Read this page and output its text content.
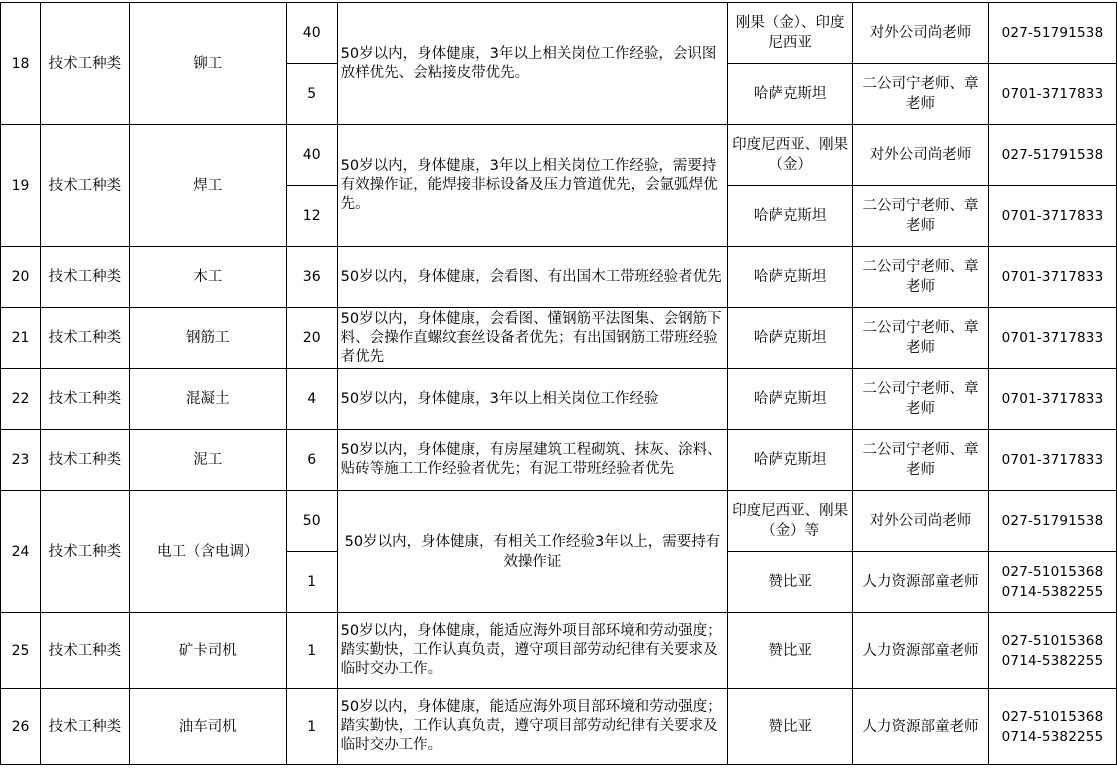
18	技术工种类	铆工	40	50岁以内，身体健康，3年以上相关岗位工作经验，会识图放样优先、会粘接皮带优先。	刚果（金）、印度尼西亚	对外公司尚老师	027-51791538
			5		哈萨克斯坦	二公司宁老师、章老师	0701-3717833
19	技术工种类	焊工	40	50岁以内，身体健康，3年以上相关岗位工作经验，需要持有效操作证，能焊接非标设备及压力管道优先，会氩弧焊优先。	印度尼西亚、刚果（金）	对外公司尚老师	027-51791538
			12		哈萨克斯坦	二公司宁老师、章老师	0701-3717833
20	技术工种类	木工	36	50岁以内，身体健康，会看图、有出国木工带班经验者优先	哈萨克斯坦	二公司宁老师、章老师	0701-3717833
21	技术工种类	钢筋工	20	50岁以内，身体健康，会看图、懂钢筋平法图集、会钢筋下料、会操作直螺纹套丝设备者优先；有出国钢筋工带班经验者优先	哈萨克斯坦	二公司宁老师、章老师	0701-3717833
22	技术工种类	混凝土	4	50岁以内，身体健康，3年以上相关岗位工作经验	哈萨克斯坦	二公司宁老师、章老师	0701-3717833
23	技术工种类	泥工	6	50岁以内，身体健康，有房屋建筑工程砌筑、抹灰、涂料、贴砖等施工工作经验者优先；有泥工带班经验者优先	哈萨克斯坦	二公司宁老师、章老师	0701-3717833
24	技术工种类	电工（含电调）	50	50岁以内，身体健康，有相关工作经验3年以上，需要持有效操作证	印度尼西亚、刚果（金）等	对外公司尚老师	027-51791538
			1		赞比亚	人力资源部童老师	027-51015368
0714-5382255

25	技术工种类	矿卡司机	1	50岁以内，身体健康，能适应海外项目部环境和劳动强度；踏实勤快，工作认真负责，遵守项目部劳动纪律有关要求及临时交办工作。	赞比亚	人力资源部童老师	027-51015368
0714-5382255

26	技术工种类	油车司机	1	50岁以内，身体健康，能适应海外项目部环境和劳动强度；踏实勤快，工作认真负责，遵守项目部劳动纪律有关要求及临时交办工作。	赞比亚	人力资源部童老师	027-51015368
0714-5382255
